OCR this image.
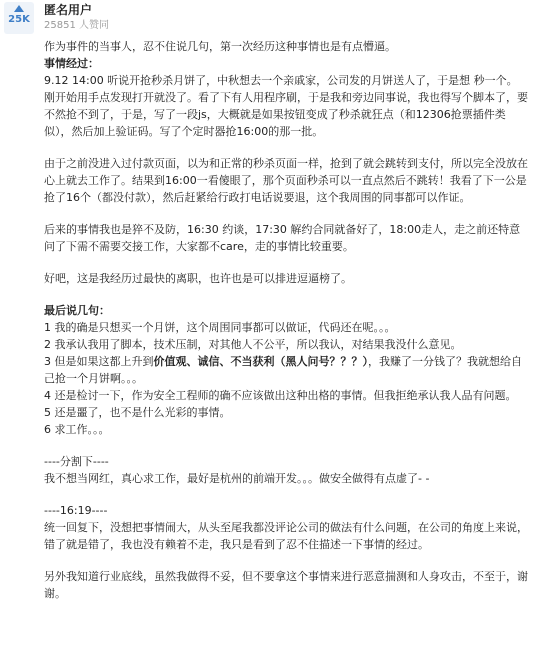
25K
匿名用户
25851 人赞同

作为事件的当事人，忍不住说几句，第一次经历这种事情也是有点懵逼。

事情经过：

9.12 14:00 听说开抢秒杀月饼了，中秋想去一个亲戚家，公司发的月饼送人了，于是想 秒一个。
刚开始用手点发现打开就没了。看了下有人用程序刷，于是我和旁边同事说，我也得写个脚本了，要不然抢不到了，于是，写了一段js，大概就是如果按钮变成了秒杀就狂点（和12306抢票插件类似），然后加上验证码。写了个定时器抢16:00的那一批。

由于之前没进入过付款页面，以为和正常的秒杀页面一样，抢到了就会跳转到支付，所以完全没放在心上就去工作了。结果到16:00一看傻眼了，那个页面秒杀可以一直点然后不跳转！我看了下一公是抢了16个（都没付款），然后赶紧给行政打电话说要退，这个我周围的同事都可以作证。

后来的事情我也是猝不及防，16:30 约谈，17:30 解约合同就备好了，18:00走人，走之前还特意问了下需不需要交接工作，大家都不care，走的事情比较重要。

好吧，这是我经历过最快的离职，也许也是可以排进逗逼榜了。

最后说几句：

1 我的确是只想买一个月饼，这个周围同事都可以做证，代码还在呢。。。
2 我承认我用了脚本，技术压制，对其他人不公平，所以我认，对结果我没什么意见。

3 但是如果这都上升到价值观、诚信、不当获利（黑人问号？？？），我赚了一分钱了？我就想给自己抢一个月饼啊。。。
4 还是检讨一下，作为安全工程师的确不应该做出这种出格的事情。但我拒绝承认我人品有问题。
5 还是噩了，也不是什么光彩的事情。
6 求工作。。。

----分割下----
我不想当网红，真心求工作，最好是杭州的前端开发。。。做安全做得有点虚了- -

----16:19----
统一回复下，没想把事情闹大，从头至尾我都没评论公司的做法有什么问题，在公司的角度上来说，错了就是错了，我也没有赖着不走，我只是看到了忍不住描述一下事情的经过。

另外我知道行业底线，虽然我做得不妥，但不要拿这个事情来进行恶意揣测和人身攻击，不至于，谢谢。
